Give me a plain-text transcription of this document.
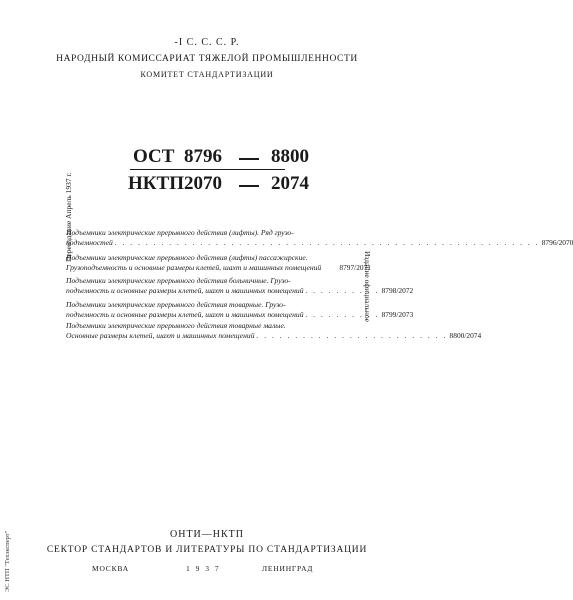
-І С. С. С. Р.
НАРОДНЫЙ КОМИССАРИАТ ТЯЖЕЛОЙ ПРОМЫШЛЕННОСТИ
КОМИТЕТ СТАНДАРТИЗАЦИИ
ОСТ 8796	8800
НКТП 2070	2074
Подъемники электрические прерывного действия (лифты). Ряд грузо-
подъемностей . . . . . . . . . . . . . . . . . . . . . . . . . . . . . . . . . . . . . . . . . . . . . . . . . . . . . . . 8796/2070
Подъемники электрические прерывного действия (лифты) пассажирские.
Грузоподъемность и основные размеры клетей, шахт и машинных помещений 8797/2071
Подъемники электрические прерывного действия больничные. Грузо-
подъемность и основные размеры клетей, шахт и машинных помещений . . . . . . . . . . 8798/2072
Подъемники электрические прерывного действия товарные. Грузо-
подъемность и основные размеры клетей, шахт и машинных помещений . . . . . . . . . . 8799/2073
Подъемники электрические прерывного действия товарные малые.
Основные размеры клетей, шахт и машинных помещений . . . . . . . . . . . . . . . . . . . . . . . . . 8800/2074
Переиздание Апрель 1937 г.
Издание официальное
ЭС НТП "Техэксперт"	ОНТИ—НКТП
СЕКТОР СТАНДАРТОВ И ЛИТЕРАТУРЫ ПО СТАНДАРТИЗАЦИИ
МОСКВА	1 9 3 7	ЛЕНИНГРАД
